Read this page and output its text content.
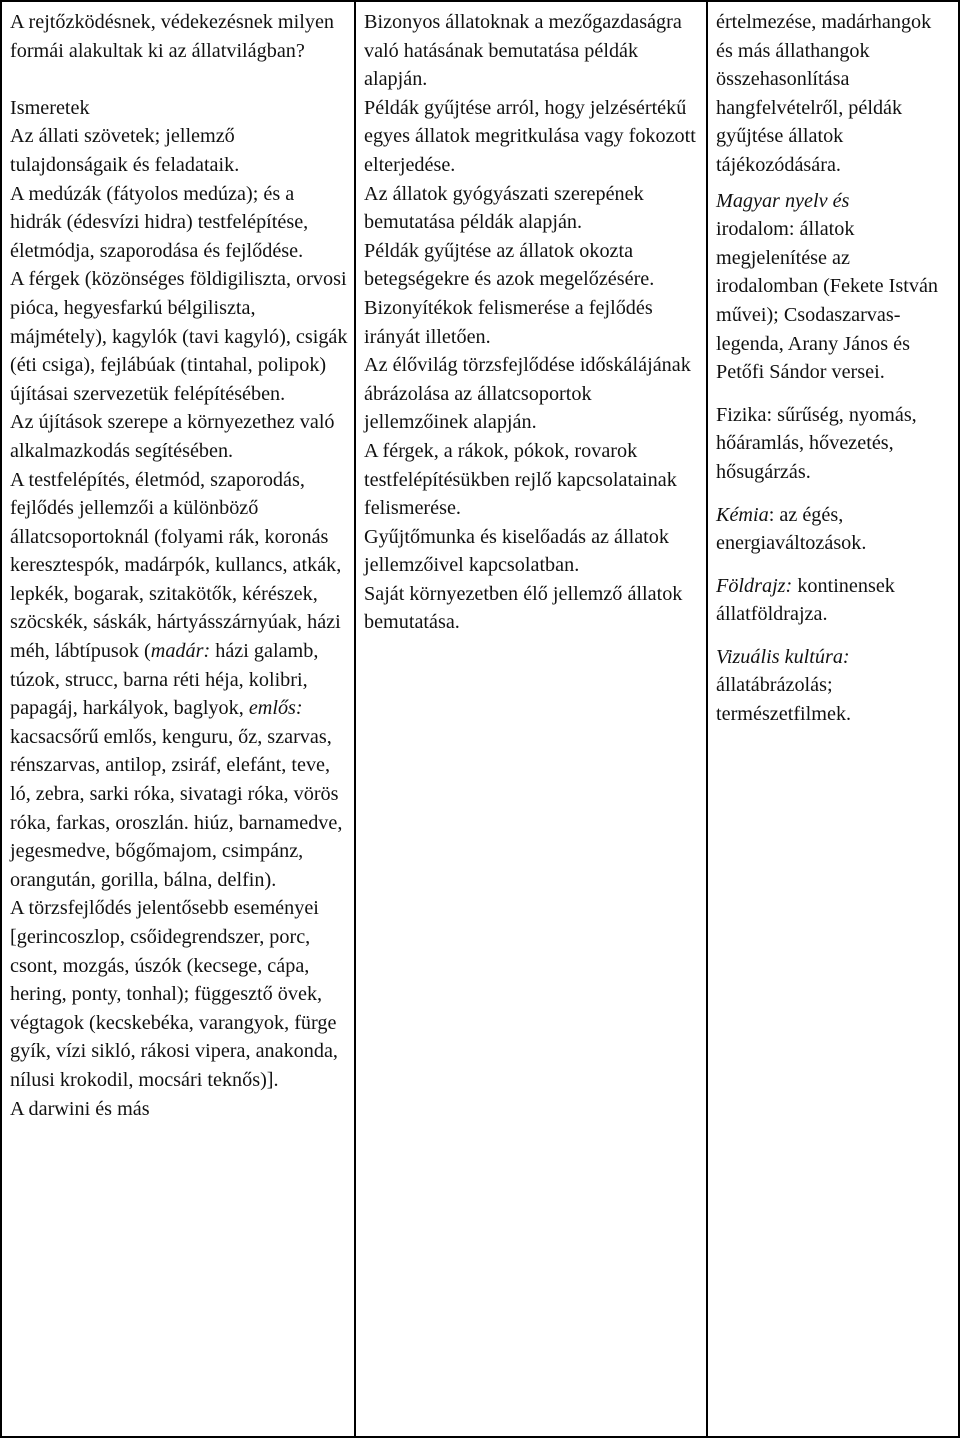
A rejtőzködésnek, védekezésnek milyen formái alakultak ki az állatvilágban?

Ismeretek

Az állati szövetek; jellemző tulajdonságaik és feladataik.

A medúzák (fátyolos medúza); és a hidrák (édesvízi hidra) testfelépítése, életmódja, szaporodása és fejlődése.

A férgek (közönséges földigiliszta, orvosi pióca, hegyesfarkú bélgiliszta, májmétely), kagylók (tavi kagyló), csigák (éti csiga), fejlábúak (tintahal, polipok) újításai szervezetük felépítésében.

Az újítások szerepe a környezethez való alkalmazkodás segítésében.

A testfelépítés, életmód, szaporodás, fejlődés jellemzői a különböző állatcsoportoknál (folyami rák, koronás keresztespók, madárpók, kullancs, atkák, lepkék, bogarak, szitakötők, kérészek, szöcskék, sáskák, hártyásszárnyúak, házi méh, lábtípusok (madár: házi galamb, túzok, strucc, barna réti héja, kolibri, papagáj, harkályok, baglyok, emlős: kacsacsőrű emlős, kenguru, őz, szarvas, rénszarvas, antilop, zsiráf, elefánt, teve, ló, zebra, sarki róka, sivatagi róka, vörös róka, farkas, oroszlán. hiúz, barnamedve, jegesmedve, bőgőmajom, csimpánz, orangután, gorilla, bálna, delfin).

A törzsfejlődés jelentősebb eseményei [gerincoszlop, csőidegrendszer, porc, csont, mozgás, úszók (kecsege, cápa, hering, ponty, tonhal); függesztő övek, végtagok (kecskebéka, varangyok, fürge gyík, vízi sikló, rákosi vipera, anakonda, nílusi krokodil, mocsári teknős)].

A darwini és más

Bizonyos állatoknak a mezőgazdaságra való hatásának bemutatása példák alapján.

Példák gyűjtése arról, hogy jelzésértékű egyes állatok megritkulása vagy fokozott elterjedése.

Az állatok gyógyászati szerepének bemutatása példák alapján.

Példák gyűjtése az állatok okozta betegségekre és azok megelőzésére.

Bizonyítékok felismerése a fejlődés irányát illetően.

Az élővilág törzsfejlődése időskálájának ábrázolása az állatcsoportok jellemzőinek alapján.

A férgek, a rákok, pókok, rovarok testfelépítésükben rejlő kapcsolatainak felismerése.

Gyűjtőmunka és kiselőadás az állatok jellemzőivel kapcsolatban.

Saját környezetben élő jellemző állatok bemutatása.

értelmezése, madárhangok és más állathangok összehasonlítása hangfelvételről, példák gyűjtése állatok tájékozódására.

Magyar nyelv és
irodalom: állatok megjelenítése az irodalomban (Fekete István művei); Csodaszarvas-legenda, Arany János és Petőfi Sándor versei.

Fizika: sűrűség, nyomás, hőáramlás, hővezetés, hősugárzás.

Kémia: az égés, energiaváltozások.

Földrajz: kontinensek állatföldrajza.

Vizuális kultúra:
állatábrázolás; természetfilmek.
